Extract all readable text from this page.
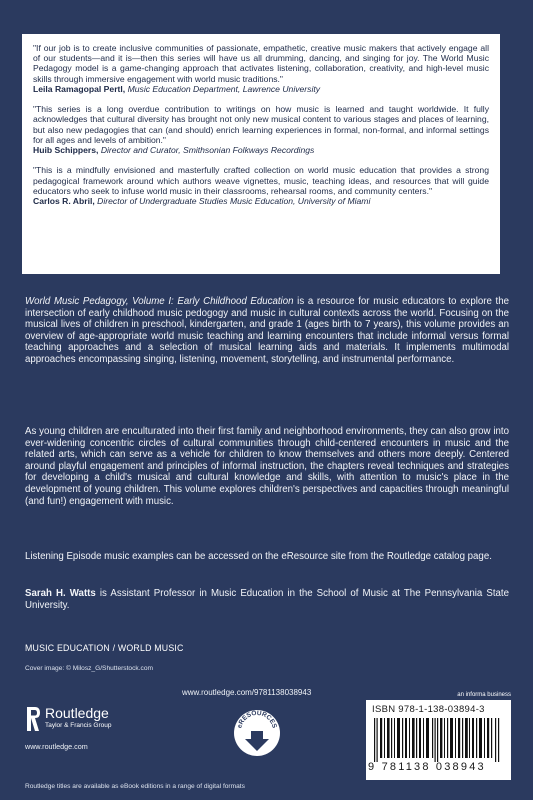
"If our job is to create inclusive communities of passionate, empathetic, creative music makers that actively engage all of our students—and it is—then this series will have us all drumming, dancing, and singing for joy. The World Music Pedagogy model is a game-changing approach that activates listening, collaboration, creativity, and high-level music skills through immersive engagement with world music traditions."
Leila Ramagopal Pertl, Music Education Department, Lawrence University
"This series is a long overdue contribution to writings on how music is learned and taught worldwide. It fully acknowledges that cultural diversity has brought not only new musical content to various stages and places of learning, but also new pedagogies that can (and should) enrich learning experiences in formal, non-formal, and informal settings for all ages and levels of ambition."
Huib Schippers, Director and Curator, Smithsonian Folkways Recordings
"This is a mindfully envisioned and masterfully crafted collection on world music education that provides a strong pedagogical framework around which authors weave vignettes, music, teaching ideas, and resources that will guide educators who seek to infuse world music in their classrooms, rehearsal rooms, and community centers."
Carlos R. Abril, Director of Undergraduate Studies Music Education, University of Miami
World Music Pedagogy, Volume I: Early Childhood Education is a resource for music educators to explore the intersection of early childhood music pedogogy and music in cultural contexts across the world. Focusing on the musical lives of children in preschool, kindergarten, and grade 1 (ages birth to 7 years), this volume provides an overview of age-appropriate world music teaching and learning encounters that include informal versus formal teaching approaches and a selection of musical learning aids and materials. It implements multimodal approaches encompassing singing, listening, movement, storytelling, and instrumental performance.
As young children are enculturated into their first family and neighborhood environments, they can also grow into ever-widening concentric circles of cultural communities through child-centered encounters in music and the related arts, which can serve as a vehicle for children to know themselves and others more deeply. Centered around playful engagement and principles of informal instruction, the chapters reveal techniques and strategies for developing a child's musical and cultural knowledge and skills, with attention to music's place in the development of young children. This volume explores children's perspectives and capacities through meaningful (and fun!) engagement with music.
Listening Episode music examples can be accessed on the eResource site from the Routledge catalog page.
Sarah H. Watts is Assistant Professor in Music Education in the School of Music at The Pennsylvania State University.
MUSIC EDUCATION / WORLD MUSIC
Cover image: © Milosz_G/Shutterstock.com
www.routledge.com/9781138038943
Routledge
Taylor & Francis Group
www.routledge.com
eRESOURCES
an informa business
ISBN 978-1-138-03894-3
9 781138 038943
Routledge titles are available as eBook editions in a range of digital formats
